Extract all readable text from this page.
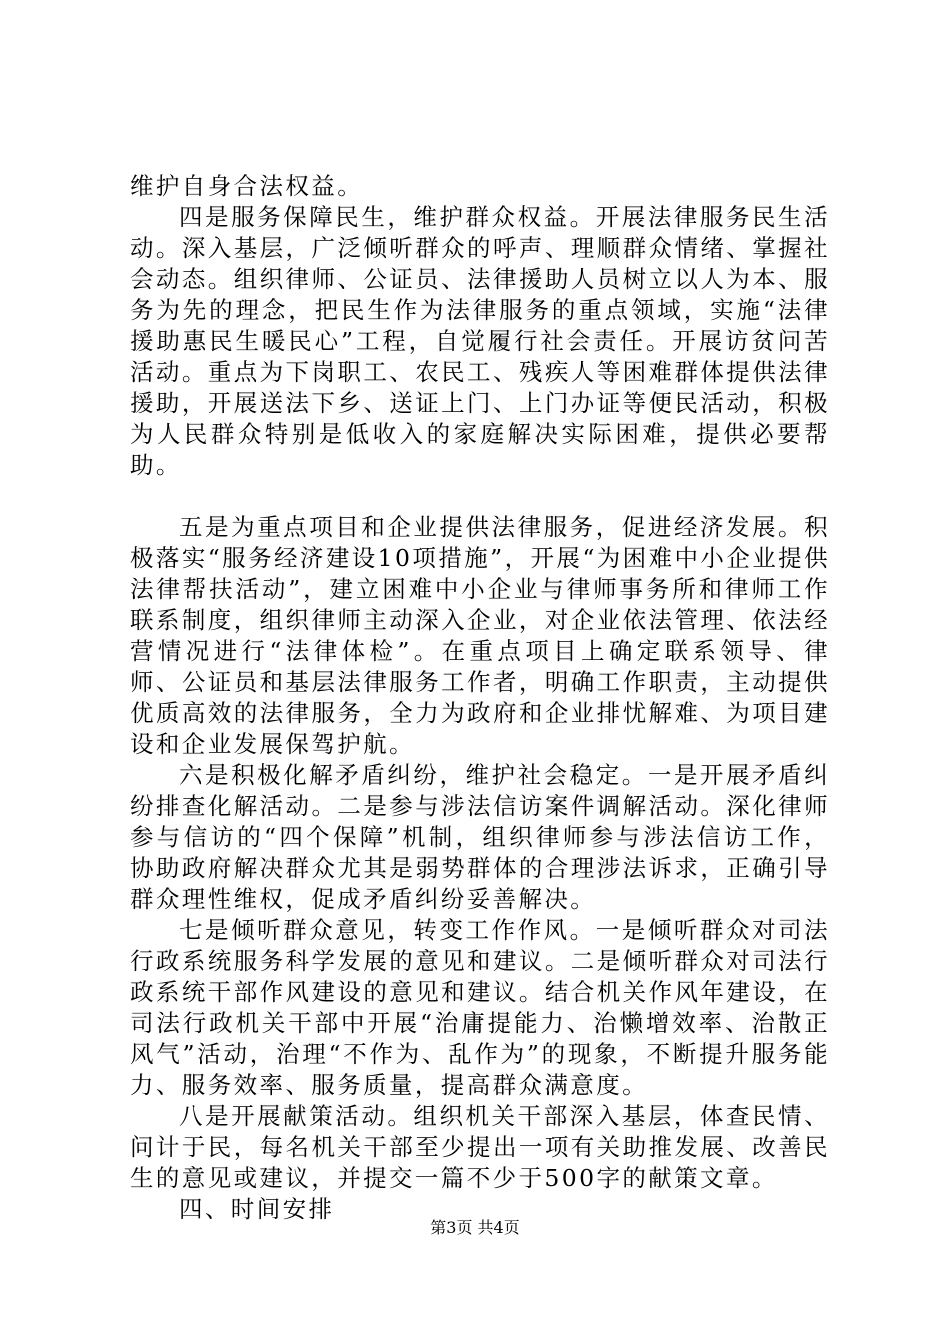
维护自身合法权益。

四是服务保障民生，维护群众权益。开展法律服务民生活动。深入基层，广泛倾听群众的呼声、理顺群众情绪、掌握社会动态。组织律师、公证员、法律援助人员树立以人为本、服务为先的理念，把民生作为法律服务的重点领域，实施“法律援助惠民生暖民心”工程，自觉履行社会责任。开展访贫问苦活动。重点为下岗职工、农民工、残疾人等困难群体提供法律援助，开展送法下乡、送证上门、上门办证等便民活动，积极为人民群众特别是低收入的家庭解决实际困难，提供必要帮助。

五是为重点项目和企业提供法律服务，促进经济发展。积极落实“服务经济建设10项措施”，开展“为困难中小企业提供法律帮扶活动”，建立困难中小企业与律师事务所和律师工作联系制度，组织律师主动深入企业，对企业依法管理、依法经营情况进行“法律体检”。在重点项目上确定联系领导、律师、公证员和基层法律服务工作者，明确工作职责，主动提供优质高效的法律服务，全力为政府和企业排忧解难、为项目建设和企业发展保驾护航。

六是积极化解矛盾纠纷，维护社会稳定。一是开展矛盾纠纷排查化解活动。二是参与涉法信访案件调解活动。深化律师参与信访的“四个保障”机制，组织律师参与涉法信访工作，协助政府解决群众尤其是弱势群体的合理涉法诉求，正确引导群众理性维权，促成矛盾纠纷妥善解决。

七是倾听群众意见，转变工作作风。一是倾听群众对司法行政系统服务科学发展的意见和建议。二是倾听群众对司法行政系统干部作风建设的意见和建议。结合机关作风年建设，在司法行政机关干部中开展“治庸提能力、治懒增效率、治散正风气”活动，治理“不作为、乱作为”的现象，不断提升服务能力、服务效率、服务质量，提高群众满意度。

八是开展献策活动。组织机关干部深入基层，体查民情、问计于民，每名机关干部至少提出一项有关助推发展、改善民生的意见或建议，并提交一篇不少于500字的献策文章。

四、时间安排

第3页 共4页
